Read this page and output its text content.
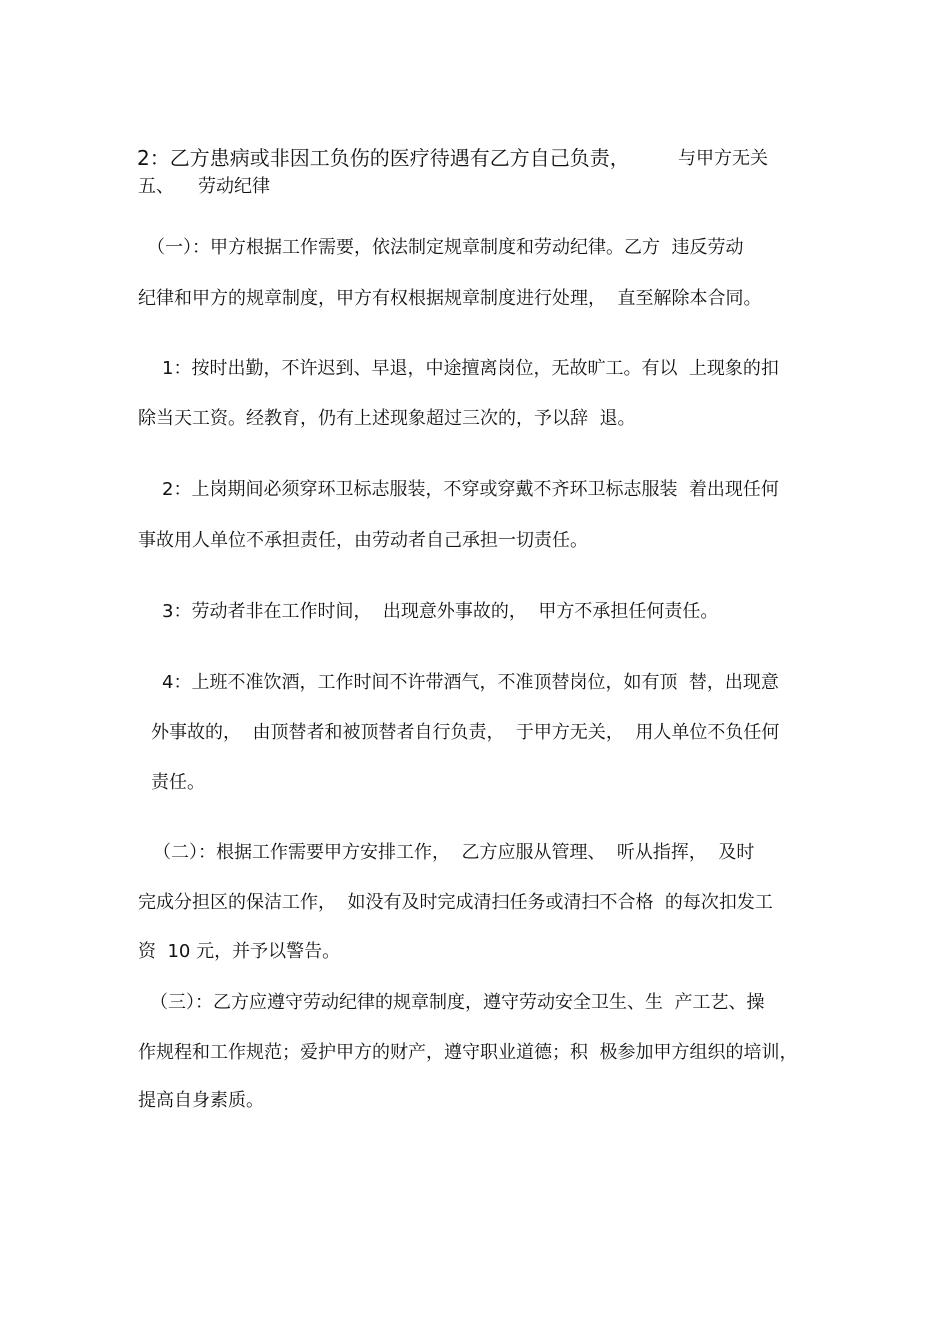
2：乙方患病或非因工负伤的医疗待遇有乙方自己负责，	与甲方无关
五、 劳动纪律
（一）：甲方根据工作需要，依法制定规章制度和劳动纪律。乙方  违反劳动
纪律和甲方的规章制度，甲方有权根据规章制度进行处理，  直至解除本合同。
1：按时出勤，不许迟到、早退，中途擅离岗位，无故旷工。有以  上现象的扣
除当天工资。经教育，仍有上述现象超过三次的，予以辞  退。
2：上岗期间必须穿环卫标志服装，不穿或穿戴不齐环卫标志服装  着出现任何
事故用人单位不承担责任，由劳动者自己承担一切责任。
3：劳动者非在工作时间，  出现意外事故的，  甲方不承担任何责任。
4：上班不准饮酒，工作时间不许带酒气，不准顶替岗位，如有顶  替，出现意
外事故的，  由顶替者和被顶替者自行负责，  于甲方无关，  用人单位不负任何
责任。
（二）：根据工作需要甲方安排工作，  乙方应服从管理、  听从指挥，  及时
完成分担区的保洁工作，  如没有及时完成清扫任务或清扫不合格  的每次扣发工
资  10 元，并予以警告。
（三）：乙方应遵守劳动纪律的规章制度，遵守劳动安全卫生、生  产工艺、操
作规程和工作规范；爱护甲方的财产，遵守职业道德；积  极参加甲方组织的培训，
提高自身素质。
